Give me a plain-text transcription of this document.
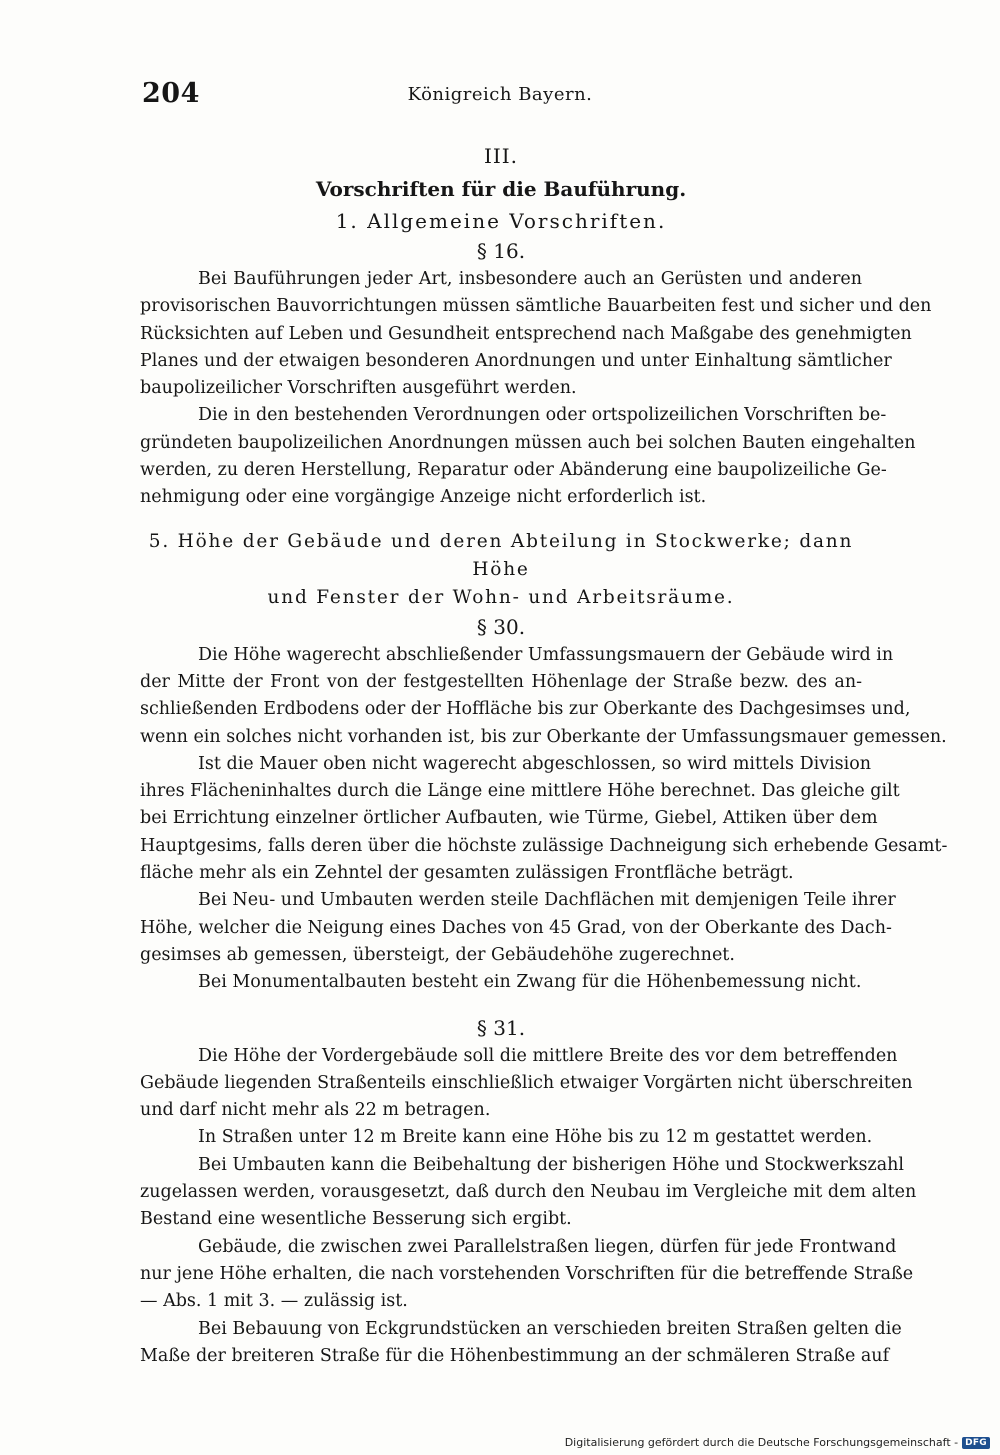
204	Königreich Bayern.
III.
Vorschriften für die Bauführung.
1. Allgemeine Vorschriften.
§ 16.
Bei Bauführungen jeder Art, insbesondere auch an Gerüsten und anderen
provisorischen Bauvorrichtungen müssen sämtliche Bauarbeiten fest und sicher und den
Rücksichten auf Leben und Gesundheit entsprechend nach Maßgabe des genehmigten
Planes und der etwaigen besonderen Anordnungen und unter Einhaltung sämtlicher
baupolizeilicher Vorschriften ausgeführt werden.
Die in den bestehenden Verordnungen oder ortspolizeilichen Vorschriften be-
gründeten baupolizeilichen Anordnungen müssen auch bei solchen Bauten eingehalten
werden, zu deren Herstellung, Reparatur oder Abänderung eine baupolizeiliche Ge-
nehmigung oder eine vorgängige Anzeige nicht erforderlich ist.
5. Höhe der Gebäude und deren Abteilung in Stockwerke; dann Höhe
und Fenster der Wohn- und Arbeitsräume.
§ 30.
Die Höhe wagerecht abschließender Umfassungsmauern der Gebäude wird in
der Mitte der Front von der festgestellten Höhenlage der Straße bezw. des an-
schließenden Erdbodens oder der Hoffläche bis zur Oberkante des Dachgesimses und,
wenn ein solches nicht vorhanden ist, bis zur Oberkante der Umfassungsmauer gemessen.
Ist die Mauer oben nicht wagerecht abgeschlossen, so wird mittels Division
ihres Flächeninhaltes durch die Länge eine mittlere Höhe berechnet. Das gleiche gilt
bei Errichtung einzelner örtlicher Aufbauten, wie Türme, Giebel, Attiken über dem
Hauptgesims, falls deren über die höchste zulässige Dachneigung sich erhebende Gesamt-
fläche mehr als ein Zehntel der gesamten zulässigen Frontfläche beträgt.
Bei Neu- und Umbauten werden steile Dachflächen mit demjenigen Teile ihrer
Höhe, welcher die Neigung eines Daches von 45 Grad, von der Oberkante des Dach-
gesimses ab gemessen, übersteigt, der Gebäudehöhe zugerechnet.
Bei Monumentalbauten besteht ein Zwang für die Höhenbemessung nicht.
§ 31.
Die Höhe der Vordergebäude soll die mittlere Breite des vor dem betreffenden
Gebäude liegenden Straßenteils einschließlich etwaiger Vorgärten nicht überschreiten
und darf nicht mehr als 22 m betragen.
In Straßen unter 12 m Breite kann eine Höhe bis zu 12 m gestattet werden.
Bei Umbauten kann die Beibehaltung der bisherigen Höhe und Stockwerkszahl
zugelassen werden, vorausgesetzt, daß durch den Neubau im Vergleiche mit dem alten
Bestand eine wesentliche Besserung sich ergibt.
Gebäude, die zwischen zwei Parallelstraßen liegen, dürfen für jede Frontwand
nur jene Höhe erhalten, die nach vorstehenden Vorschriften für die betreffende Straße
— Abs. 1 mit 3. — zulässig ist.
Bei Bebauung von Eckgrundstücken an verschieden breiten Straßen gelten die
Maße der breiteren Straße für die Höhenbestimmung an der schmäleren Straße auf
Digitalisierung gefördert durch die Deutsche Forschungsgemeinschaft - DFG
